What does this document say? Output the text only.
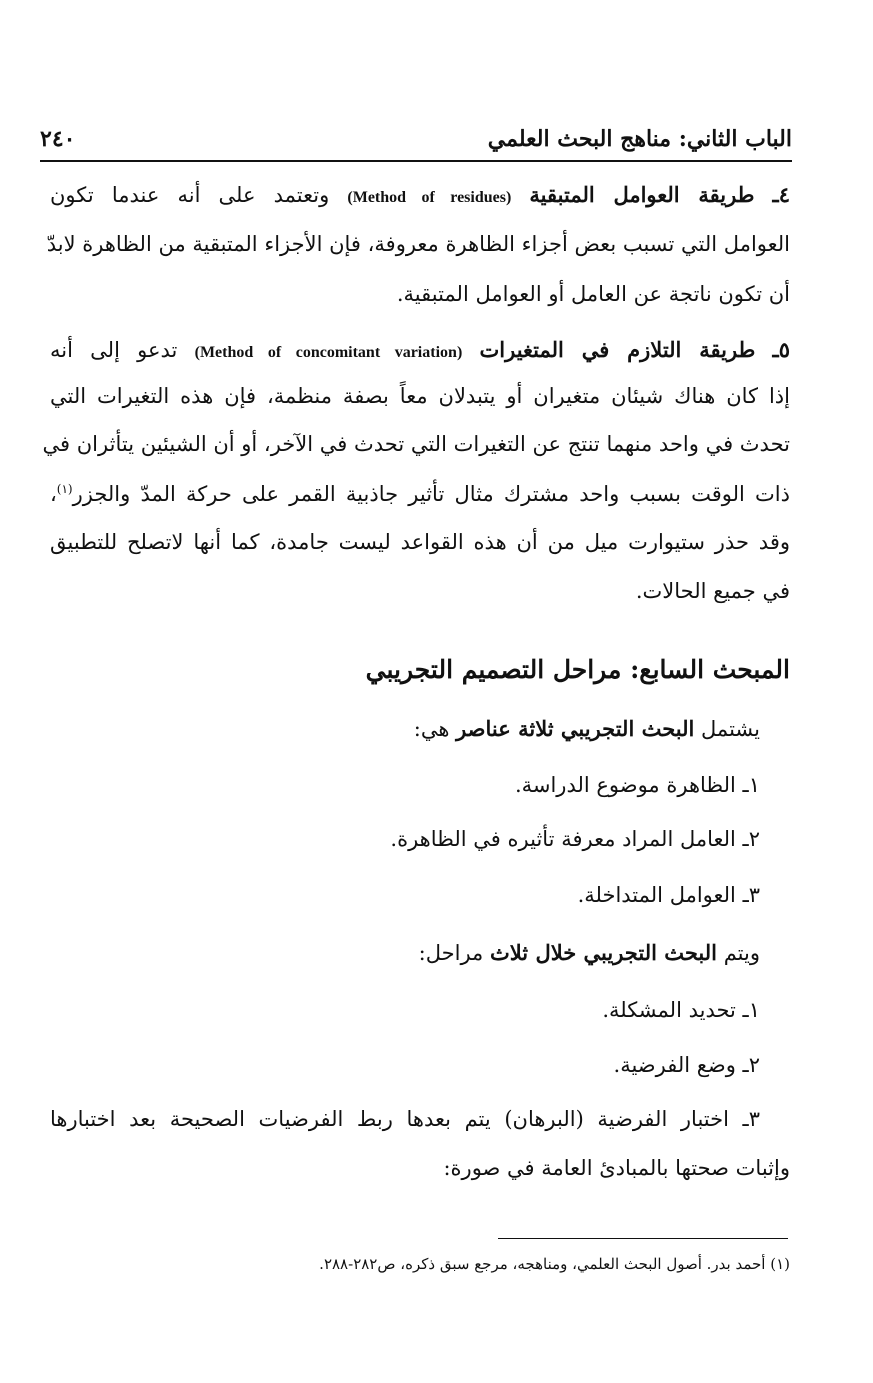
الباب الثاني: مناهج البحث العلمي
٢٤٠
٤ـ طريقة العوامل المتبقية (Method of residues) وتعتمد على أنه عندما تكون
العوامل التي تسبب بعض أجزاء الظاهرة معروفة، فإن الأجزاء المتبقية من الظاهرة لابدّ
أن تكون ناتجة عن العامل أو العوامل المتبقية.
٥ـ طريقة التلازم في المتغيرات (Method of concomitant variation) تدعو إلى أنه
إذا كان هناك شيئان متغيران أو يتبدلان معاً بصفة منظمة، فإن هذه التغيرات التي
تحدث في واحد منهما تنتج عن التغيرات التي تحدث في الآخر، أو أن الشيئين يتأثران في
ذات الوقت بسبب واحد مشترك مثال تأثير جاذبية القمر على حركة المدّ والجزر$^{(١)}$،
وقد حذر ستيوارت ميل من أن هذه القواعد ليست جامدة، كما أنها لاتصلح للتطبيق
في جميع الحالات.
المبحث السابع: مراحل التصميم التجريبي
يشتمل البحث التجريبي ثلاثة عناصر هي:
١ـ الظاهرة موضوع الدراسة.
٢ـ العامل المراد معرفة تأثيره في الظاهرة.
٣ـ العوامل المتداخلة.
ويتم البحث التجريبي خلال ثلاث مراحل:
١ـ تحديد المشكلة.
٢ـ وضع الفرضية.
٣ـ اختبار الفرضية (البرهان) يتم بعدها ربط الفرضيات الصحيحة بعد اختبارها
وإثبات صحتها بالمبادئ العامة في صورة:
(١) أحمد بدر. أصول البحث العلمي، ومناهجه، مرجع سبق ذكره، ص٢٨٢-٢٨٨.
